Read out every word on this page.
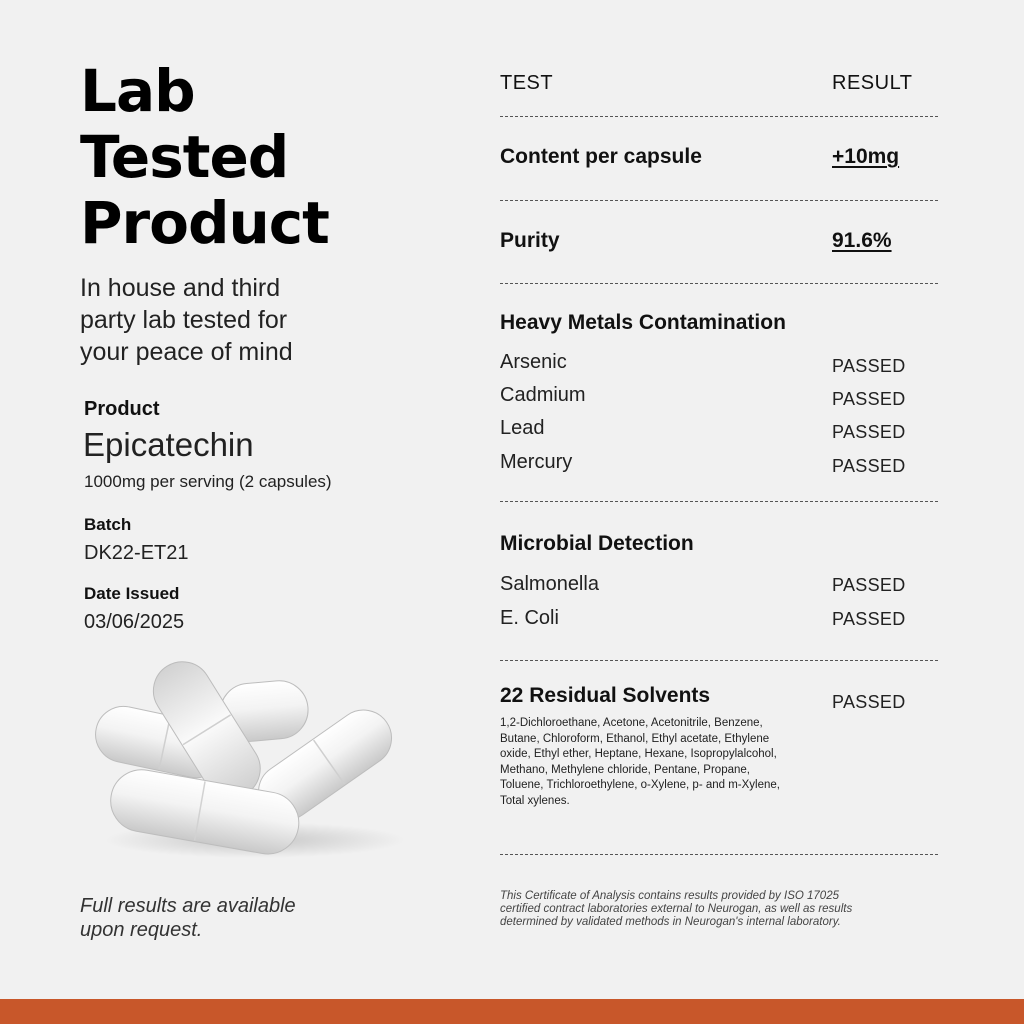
Lab
Tested
Product
In house and third
party lab tested for
your peace of mind
Product
Epicatechin
1000mg per serving (2 capsules)
Batch
DK22-ET21
Date Issued
03/06/2025
Full results are available
upon request.
TEST	RESULT
Content per capsule	+10mg
Purity	91.6%
Heavy Metals Contamination
Arsenic	PASSED
Cadmium	PASSED
Lead	PASSED
Mercury	PASSED
Microbial Detection
Salmonella	PASSED
E. Coli	PASSED
22 Residual Solvents	PASSED
1,2-Dichloroethane, Acetone, Acetonitrile, Benzene, Butane, Chloroform, Ethanol, Ethyl acetate, Ethylene oxide, Ethyl ether, Heptane, Hexane, Isopropylalcohol, Methano, Methylene chloride, Pentane, Propane, Toluene, Trichloroethylene, o-Xylene, p- and m-Xylene, Total xylenes.
This Certificate of Analysis contains results provided by ISO 17025
certified contract laboratories external to Neurogan, as well as results
determined by validated methods in Neurogan's internal laboratory.
